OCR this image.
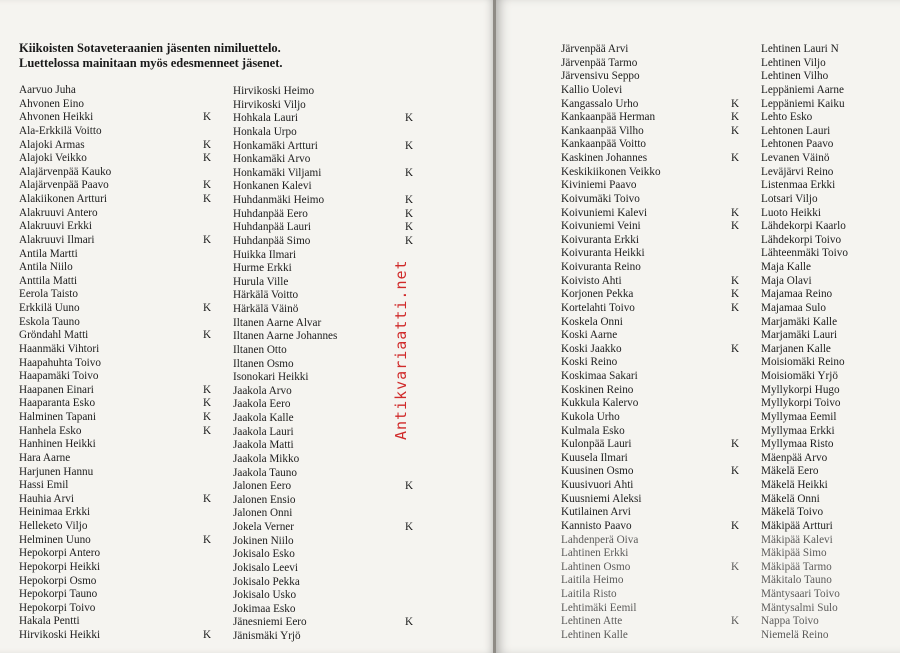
Kiikoisten Sotaveteraanien jäsenten nimiluettelo.
Luettelossa mainitaan myös edesmenneet jäsenet.
Aarvuo Juha
Ahvonen Eino
Ahvonen Heikki	K
Ala-Erkkilä Voitto
Alajoki Armas	K
Alajoki Veikko	K
Alajärvenpää Kauko
Alajärvenpää Paavo	K
Alakiikonen Artturi	K
Alakruuvi Antero
Alakruuvi Erkki
Alakruuvi Ilmari	K
Antila Martti
Antila Niilo
Anttila Matti
Eerola Taisto
Erkkilä Uuno	K
Eskola Tauno
Gröndahl Matti	K
Haanmäki Vihtori
Haapahuhta Toivo
Haapamäki Toivo
Haapanen Einari	K
Haaparanta Esko	K
Halminen Tapani	K
Hanhela Esko	K
Hanhinen Heikki
Hara Aarne
Harjunen Hannu
Hassi Emil
Hauhia Arvi	K
Heinimaa Erkki
Helleketo Viljo
Helminen Uuno	K
Hepokorpi Antero
Hepokorpi Heikki
Hepokorpi Osmo
Hepokorpi Tauno
Hepokorpi Toivo
Hakala Pentti
Hirvikoski Heikki	K
Hirvikoski Heimo
Hirvikoski Viljo
Hohkala Lauri	K
Honkala Urpo
Honkamäki Artturi	K
Honkamäki Arvo
Honkamäki Viljami	K
Honkanen Kalevi
Huhdanmäki Heimo	K
Huhdanpää Eero	K
Huhdanpää Lauri	K
Huhdanpää Simo	K
Huikka Ilmari
Hurme Erkki
Hurula Ville
Härkälä Voitto
Härkälä Väinö
Iltanen Aarne Alvar
Iltanen Aarne Johannes
Iltanen Otto
Iltanen Osmo
Isonokari Heikki
Jaakola Arvo
Jaakola Eero
Jaakola Kalle
Jaakola Lauri
Jaakola Matti
Jaakola Mikko
Jaakola Tauno
Jalonen Eero	K
Jalonen Ensio
Jalonen Onni
Jokela Verner	K
Jokinen Niilo
Jokisalo Esko
Jokisalo Leevi
Jokisalo Pekka
Jokisalo Usko
Jokimaa Esko
Jänesniemi Eero	K
Jänismäki Yrjö
Järvenpää Arvi
Järvenpää Tarmo
Järvensivu Seppo
Kallio Uolevi
Kangassalo Urho	K
Kankaanpää Herman	K
Kankaanpää Vilho	K
Kankaanpää Voitto
Kaskinen Johannes	K
Keskikiikonen Veikko
Kiviniemi Paavo
Koivumäki Toivo
Koivuniemi Kalevi	K
Koivuniemi Veini	K
Koivuranta Erkki
Koivuranta Heikki
Koivuranta Reino
Koivisto Ahti	K
Korjonen Pekka	K
Kortelahti Toivo	K
Koskela Onni
Koski Aarne
Koski Jaakko	K
Koski Reino
Koskimaa Sakari
Koskinen Reino
Kukkula Kalervo
Kukola Urho
Kulmala Esko
Kulonpää Lauri	K
Kuusela Ilmari
Kuusinen Osmo	K
Kuusivuori Ahti
Kuusniemi Aleksi
Kutilainen Arvi
Kannisto Paavo	K
Lahdenperä Oiva
Lahtinen Erkki
Lahtinen Osmo	K
Laitila Heimo
Laitila Risto
Lehtimäki Eemil
Lehtinen Atte	K
Lehtinen Kalle
Lehtinen Lauri N
Lehtinen Viljo
Lehtinen Vilho
Leppäniemi Aarne
Leppäniemi Kaiku
Lehto Esko
Lehtonen Lauri
Lehtonen Paavo
Levanen Väinö
Leväjärvi Reino
Listenmaa Erkki
Lotsari Viljo
Luoto Heikki
Lähdekorpi Kaarlo
Lähdekorpi Toivo
Lähteenmäki Toivo
Maja Kalle
Maja Olavi
Majamaa Reino
Majamaa Sulo
Marjamäki Kalle
Marjamäki Lauri
Marjanen Kalle
Moisiomäki Reino
Moisiomäki Yrjö
Myllykorpi Hugo
Myllykorpi Toivo
Myllymaa Eemil
Myllymaa Erkki
Myllymaa Risto
Mäenpää Arvo
Mäkelä Eero
Mäkelä Heikki
Mäkelä Onni
Mäkelä Toivo
Mäkipää Artturi
Mäkipää Kalevi
Mäkipää Simo
Mäkipää Tarmo
Mäkitalo Tauno
Mäntysaari Toivo
Mäntysalmi Sulo
Nappa Toivo
Niemelä Reino
Antikvariaatti.net
